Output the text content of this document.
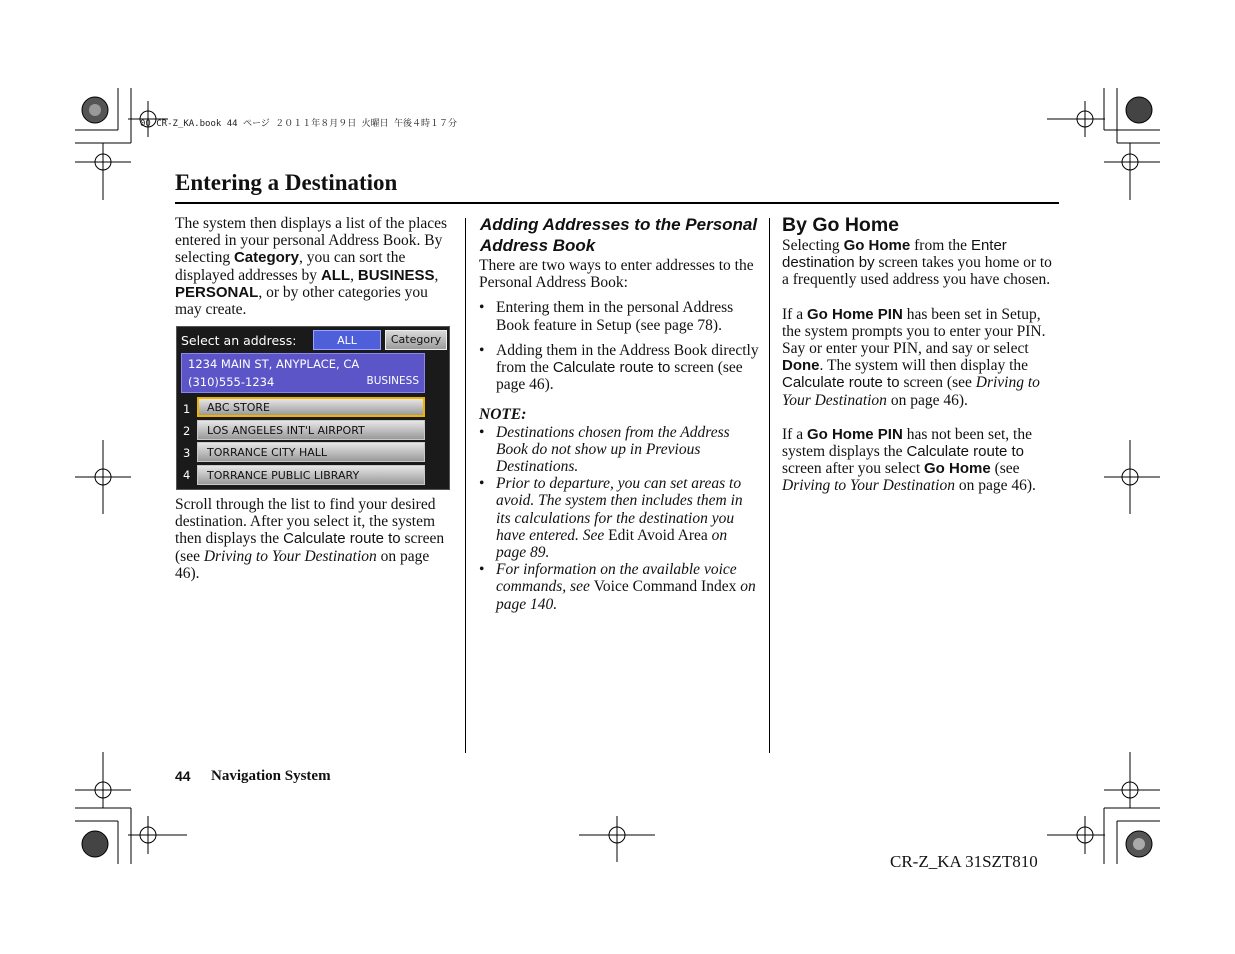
00 CR-Z_KA.book 44 ページ ２０１１年８月９日 火曜日 午後４時１７分
Entering a Destination

The system then displays a list of the places entered in your personal Address Book. By selecting Category, you can sort the displayed addresses by ALL, BUSINESS, PERSONAL, or by other categories you may create.

Select an address:	ALL	Category
1234 MAIN ST, ANYPLACE, CA
(310)555-1234	BUSINESS
1	ABC STORE
2	LOS ANGELES INT'L AIRPORT
3	TORRANCE CITY HALL
4	TORRANCE PUBLIC LIBRARY

Scroll through the list to find your desired destination. After you select it, the system then displays the Calculate route to screen (see Driving to Your Destination on page 46).

Adding Addresses to the Personal Address Book

There are two ways to enter addresses to the Personal Address Book:

• Entering them in the personal Address Book feature in Setup (see page 78).
• Adding them in the Address Book directly from the Calculate route to screen (see page 46).

NOTE:

• Destinations chosen from the Address Book do not show up in Previous Destinations.
• Prior to departure, you can set areas to avoid. The system then includes them in its calculations for the destination you have entered. See Edit Avoid Area on page 89.
• For information on the available voice commands, see Voice Command Index on page 140.
By Go Home

Selecting Go Home from the Enter destination by screen takes you home or to a frequently used address you have chosen.

If a Go Home PIN has been set in Setup, the system prompts you to enter your PIN. Say or enter your PIN, and say or select Done. The system will then display the Calculate route to screen (see Driving to Your Destination on page 46).

If a Go Home PIN has not been set, the system displays the Calculate route to screen after you select Go Home (see Driving to Your Destination on page 46).

44 Navigation System
CR-Z_KA 31SZT810
